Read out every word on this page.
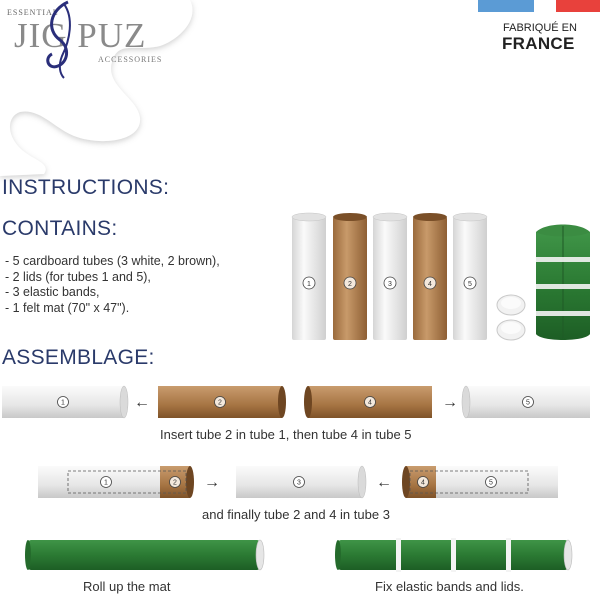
ESSENTIAL
JIG PUZ
ACCESSORIES
FABRIQUÉ EN
FRANCE
INSTRUCTIONS:
CONTAINS:
ASSEMBLAGE:
- 5 cardboard tubes (3 white, 2 brown),
- 2 lids (for tubes 1 and 5),
- 3 elastic bands,
- 1 felt mat (70" x 47").
1	2	3	4	5
1	←	2	4	→	5
1	2 →	3	←	4	5
Insert tube 2 in tube 1, then tube 4 in tube 5
and finally tube 2 and 4 in tube 3
Roll up the mat	Fix elastic bands and lids.
